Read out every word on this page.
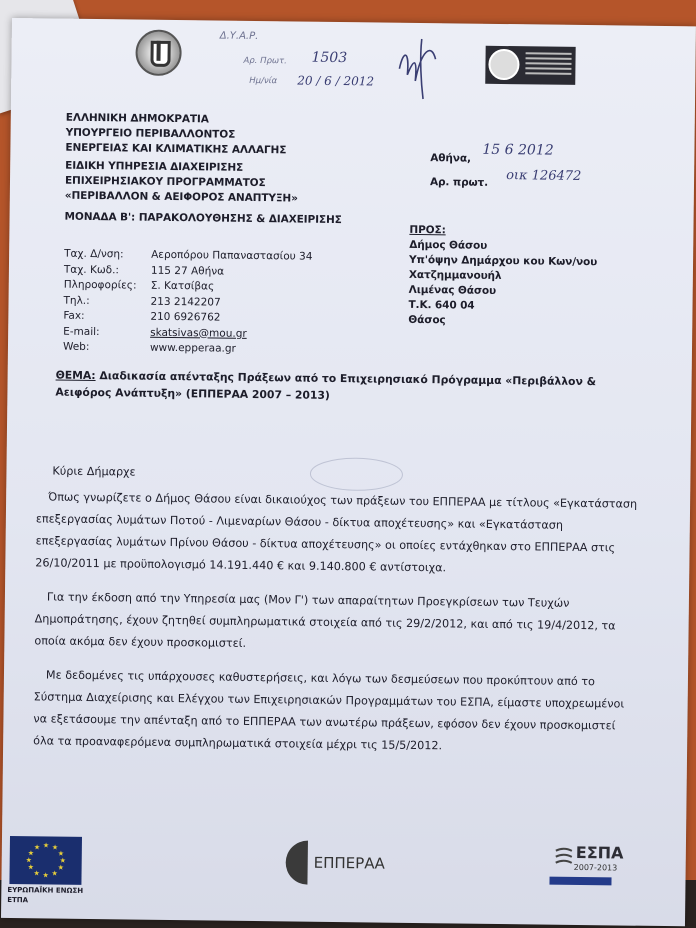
Δ.Υ.Α.Ρ.
Αρ. Πρωτ.
Ημ/νία
1503
20 / 6 / 2012
ΕΛΛΗΝΙΚΗ ΔΗΜΟΚΡΑΤΙΑ
ΥΠΟΥΡΓΕΙΟ ΠΕΡΙΒΑΛΛΟΝΤΟΣ
ΕΝΕΡΓΕΙΑΣ ΚΑΙ ΚΛΙΜΑΤΙΚΗΣ ΑΛΛΑΓΗΣ
ΕΙΔΙΚΗ ΥΠΗΡΕΣΙΑ ΔΙΑΧΕΙΡΙΣΗΣ
ΕΠΙΧΕΙΡΗΣΙΑΚΟΥ ΠΡΟΓΡΑΜΜΑΤΟΣ
«ΠΕΡΙΒΑΛΛΟΝ & ΑΕΙΦΟΡΟΣ ΑΝΑΠΤΥΞΗ»
ΜΟΝΑΔΑ Β': ΠΑΡΑΚΟΛΟΥΘΗΣΗΣ & ΔΙΑΧΕΙΡΙΣΗΣ
Αθήνα, 15 6 2012
Αρ. πρωτ. οικ 126472
Ταχ. Δ/νση:
Ταχ. Κωδ.:
Πληροφορίες:
Τηλ.:
Fax:
E-mail:
Web:
Αεροπόρου Παπαναστασίου 34
115 27 Αθήνα
Σ. Κατσίβας
213 2142207
210 6926762
skatsivas@mou.gr
www.epperaa.gr
ΠΡΟΣ:
Δήμος Θάσου
Υπ'όψην Δημάρχου κου Κων/νου
Χατζημμανουήλ
Λιμένας Θάσου
Τ.Κ. 640 04
Θάσος
ΘΕΜΑ: Διαδικασία απένταξης Πράξεων από το Επιχειρησιακό Πρόγραμμα «Περιβάλλον &
Αειφόρος Ανάπτυξη» (ΕΠΠΕΡΑΑ 2007 – 2013)
Κύριε Δήμαρχε
Όπως γνωρίζετε ο Δήμος Θάσου είναι δικαιούχος των πράξεων του ΕΠΠΕΡΑΑ με τίτλους «Εγκατάσταση
επεξεργασίας λυμάτων Ποτού - Λιμεναρίων Θάσου - δίκτυα αποχέτευσης» και «Εγκατάσταση
επεξεργασίας λυμάτων Πρίνου Θάσου - δίκτυα αποχέτευσης» οι οποίες εντάχθηκαν στο ΕΠΠΕΡΑΑ στις
26/10/2011 με προϋπολογισμό 14.191.440 € και 9.140.800 € αντίστοιχα.
Για την έκδοση από την Υπηρεσία μας (Μον Γ') των απαραίτητων Προεγκρίσεων των Τευχών
Δημοπράτησης, έχουν ζητηθεί συμπληρωματικά στοιχεία από τις 29/2/2012, και από τις 19/4/2012, τα
οποία ακόμα δεν έχουν προσκομιστεί.
Με δεδομένες τις υπάρχουσες καθυστερήσεις, και λόγω των δεσμεύσεων που προκύπτουν από το
Σύστημα Διαχείρισης και Ελέγχου των Επιχειρησιακών Προγραμμάτων του ΕΣΠΑ, είμαστε υποχρεωμένοι
να εξετάσουμε την απένταξη από το ΕΠΠΕΡΑΑ των ανωτέρω πράξεων, εφόσον δεν έχουν προσκομιστεί
όλα τα προαναφερόμενα συμπληρωματικά στοιχεία μέχρι τις 15/5/2012.
★ ★
★
★
★
★
★
★
★
★
★
★
ΕΥΡΩΠΑΪΚΗ ΕΝΩΣΗ
ΕΤΠΑ
ΕΠΠΕΡΑΑ
ΕΣΠΑ
2007-2013
